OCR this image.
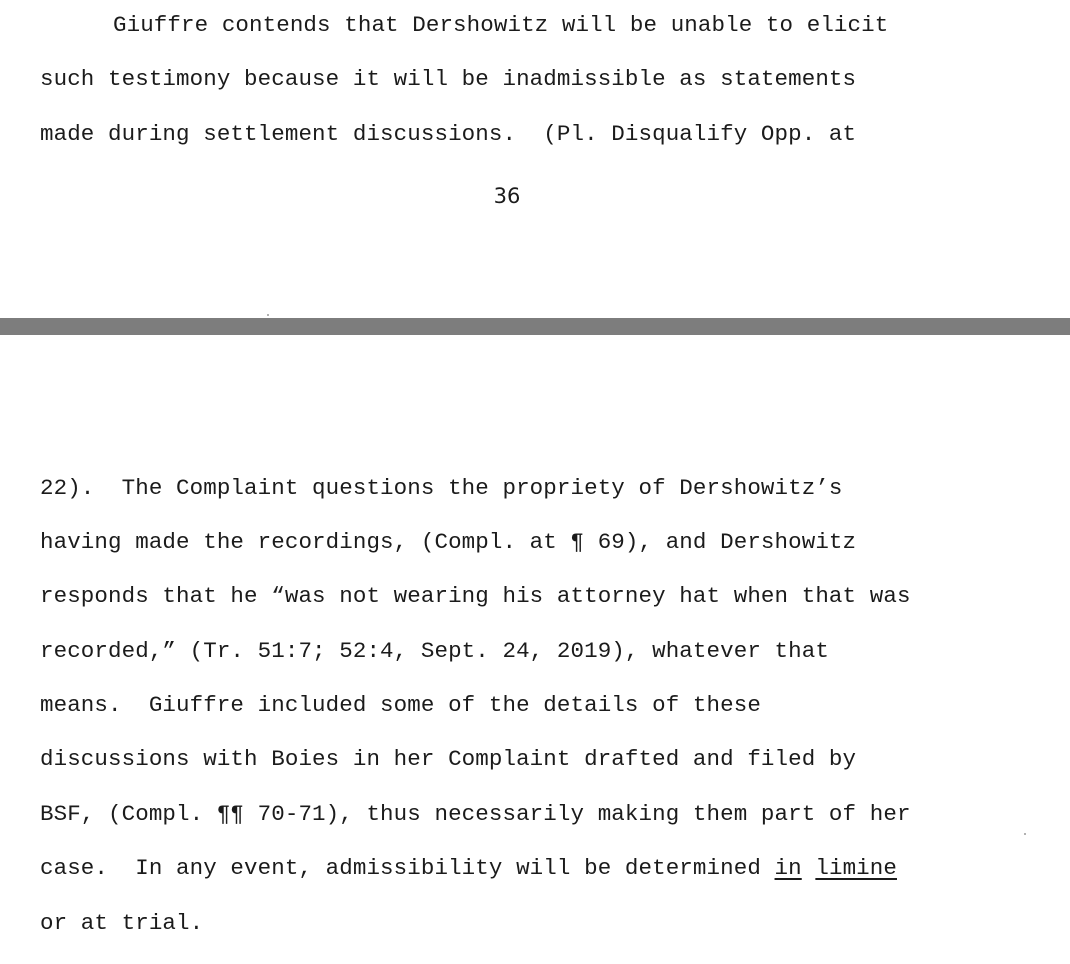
Giuffre contends that Dershowitz will be unable to elicit

such testimony because it will be inadmissible as statements

made during settlement discussions.  (Pl. Disqualify Opp. at

36

22).  The Complaint questions the propriety of Dershowitz’s

having made the recordings, (Compl. at ¶ 69), and Dershowitz

responds that he “was not wearing his attorney hat when that was

recorded,” (Tr. 51:7; 52:4, Sept. 24, 2019), whatever that

means.  Giuffre included some of the details of these

discussions with Boies in her Complaint drafted and filed by

BSF, (Compl. ¶¶ 70-71), thus necessarily making them part of her

case.  In any event, admissibility will be determined in limine

or at trial.
